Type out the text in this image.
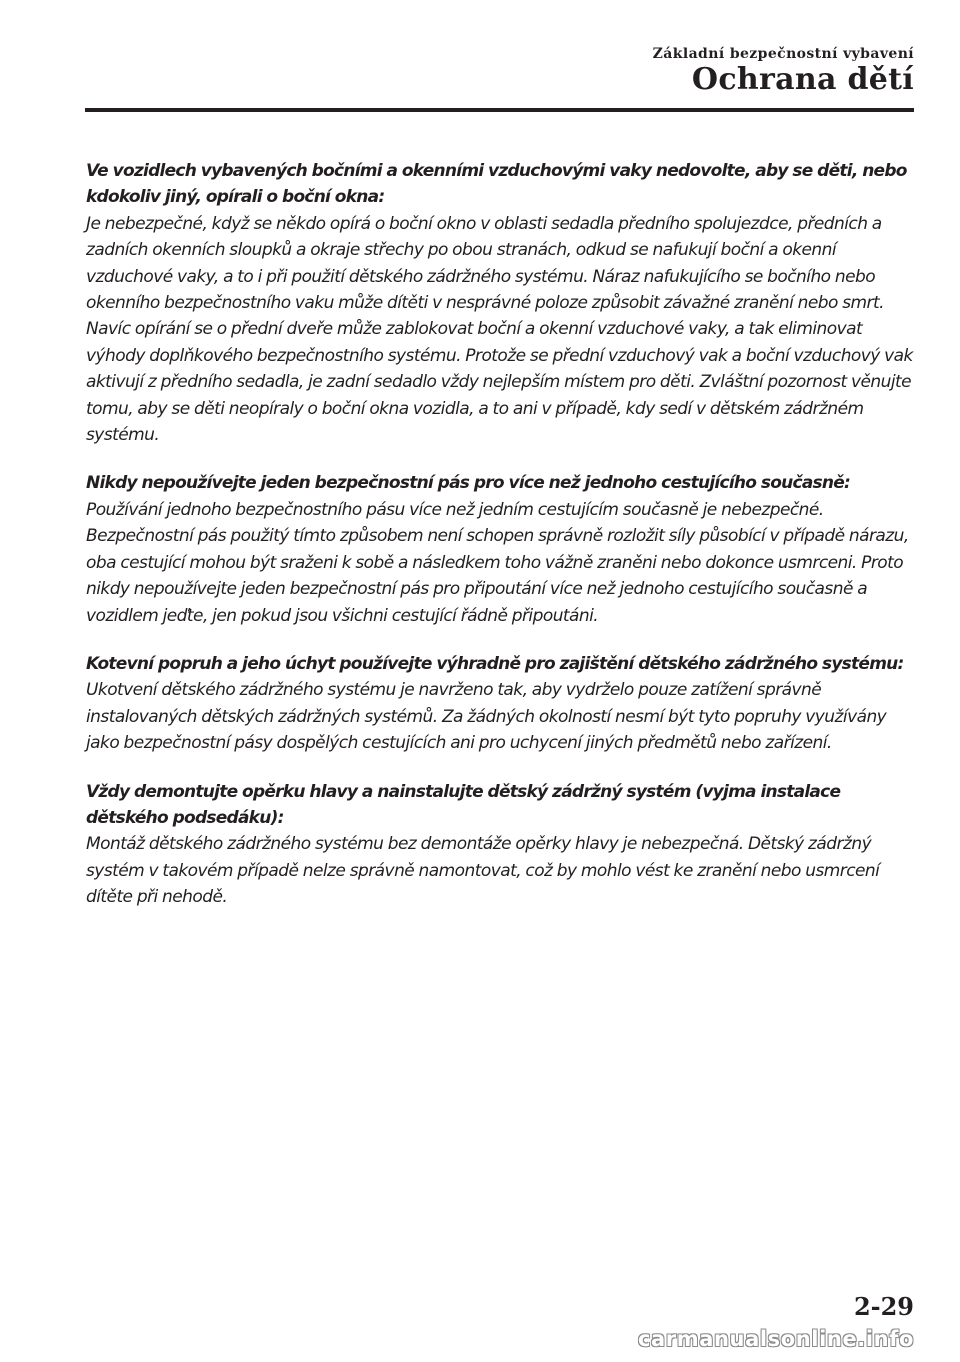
Základní bezpečnostní vybavení
Ochrana dětí

Ve vozidlech vybavených bočními a okenními vzduchovými vaky nedovolte, aby se děti, nebo kdokoliv jiný, opírali o boční okna:

Je nebezpečné, když se někdo opírá o boční okno v oblasti sedadla předního spolujezdce, předních a zadních okenních sloupků a okraje střechy po obou stranách, odkud se nafukují boční a okenní vzduchové vaky, a to i při použití dětského zádržného systému. Náraz nafukujícího se bočního nebo okenního bezpečnostního vaku může dítěti v nesprávné poloze způsobit závažné zranění nebo smrt. Navíc opírání se o přední dveře může zablokovat boční a okenní vzduchové vaky, a tak eliminovat výhody doplňkového bezpečnostního systému. Protože se přední vzduchový vak a boční vzduchový vak aktivují z předního sedadla, je zadní sedadlo vždy nejlepším místem pro děti. Zvláštní pozornost věnujte tomu, aby se děti neopíraly o boční okna vozidla, a to ani v případě, kdy sedí v dětském zádržném systému.

Nikdy nepoužívejte jeden bezpečnostní pás pro více než jednoho cestujícího současně:

Používání jednoho bezpečnostního pásu více než jedním cestujícím současně je nebezpečné. Bezpečnostní pás použitý tímto způsobem není schopen správně rozložit síly působící v případě nárazu, oba cestující mohou být sraženi k sobě a následkem toho vážně zraněni nebo dokonce usmrceni. Proto nikdy nepoužívejte jeden bezpečnostní pás pro připoutání více než jednoho cestujícího současně a vozidlem jeďte, jen pokud jsou všichni cestující řádně připoutáni.

Kotevní popruh a jeho úchyt používejte výhradně pro zajištění dětského zádržného systému:

Ukotvení dětského zádržného systému je navrženo tak, aby vydrželo pouze zatížení správně instalovaných dětských zádržných systémů. Za žádných okolností nesmí být tyto popruhy využívány jako bezpečnostní pásy dospělých cestujících ani pro uchycení jiných předmětů nebo zařízení.

Vždy demontujte opěrku hlavy a nainstalujte dětský zádržný systém (vyjma instalace dětského podsedáku):

Montáž dětského zádržného systému bez demontáže opěrky hlavy je nebezpečná. Dětský zádržný systém v takovém případě nelze správně namontovat, což by mohlo vést ke zranění nebo usmrcení dítěte při nehodě.

2-29
carmanualsonline.info
